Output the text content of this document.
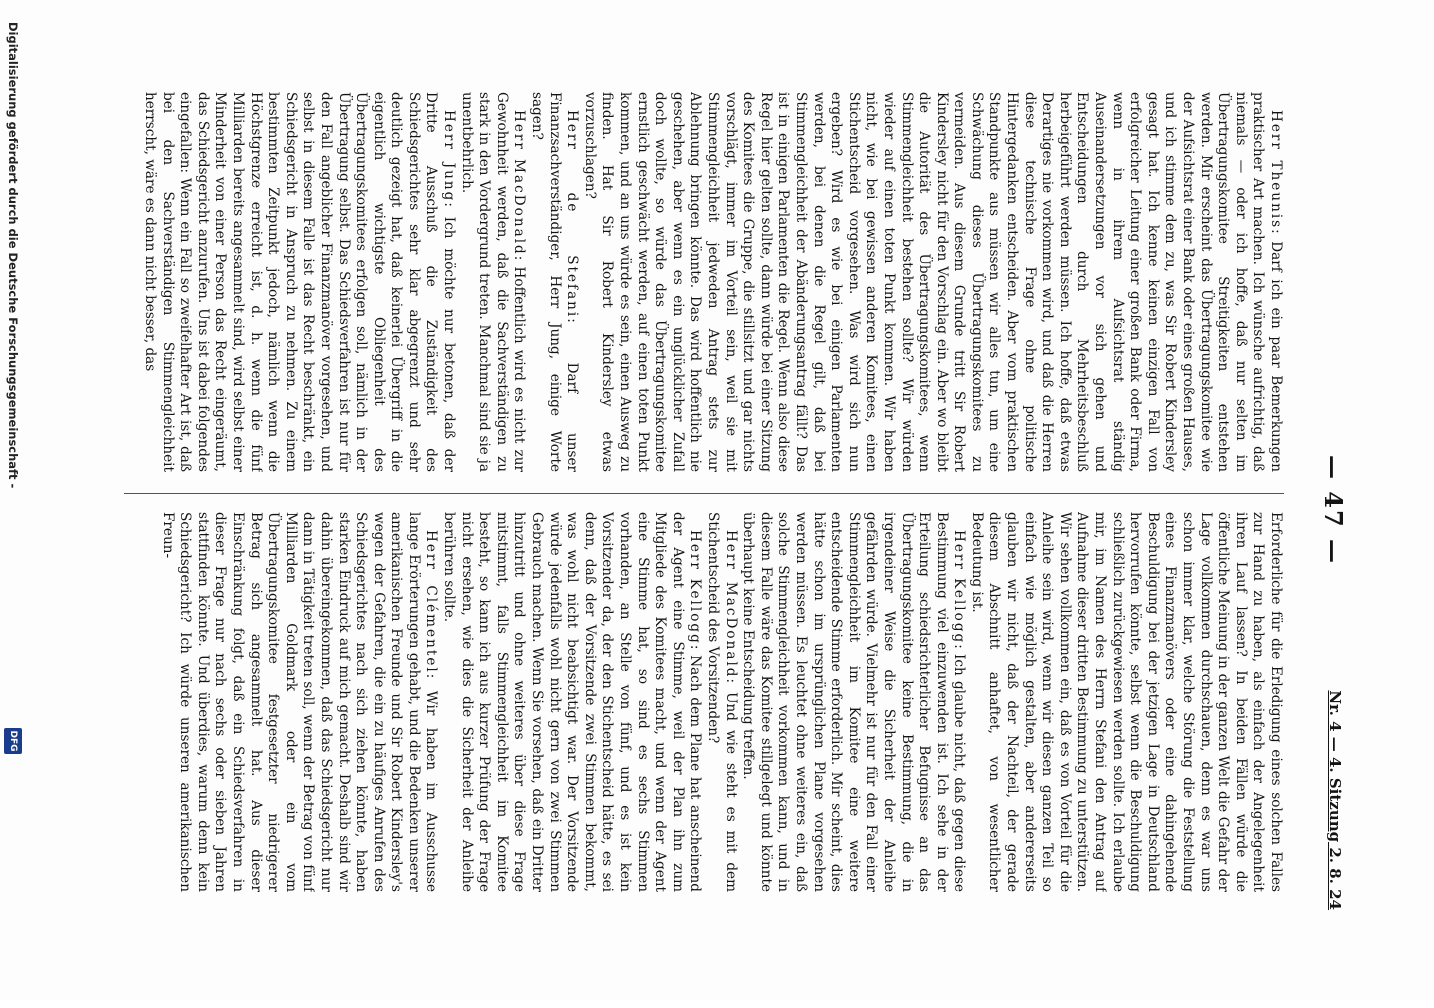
— 47 —
Nr. 4 — 4. Sitzung 2. 8. 24

Herr Theunis: Darf ich ein paar Bemerkungen praktischer Art machen. Ich wünsche aufrichtig, daß niemals — oder ich hoffe, daß nur selten im Übertragungskomitee Streitigkeiten entstehen werden. Mir erscheint das Übertragungskomitee wie der Aufsichtsrat einer Bank oder eines großen Hauses, und ich stimme dem zu, was Sir Robert Kindersley gesagt hat. Ich kenne keinen einzigen Fall von erfolgreicher Leitung einer großen Bank oder Firma, wenn in ihrem Aufsichtsrat ständig Auseinandersetzungen vor sich gehen und Entscheidungen durch Mehrheitsbeschluß herbeigeführt werden müssen. Ich hoffe, daß etwas Derartiges nie vorkommen wird, und daß die Herren diese technische Frage ohne politische Hintergedanken entscheiden. Aber vom praktischen Standpunkte aus müssen wir alles tun, um eine Schwächung dieses Übertragungskomitees zu vermeiden. Aus diesem Grunde tritt Sir Robert Kindersley nicht für den Vorschlag ein. Aber wo bleibt die Autorität des Übertragungskomitees, wenn Stimmengleichheit bestehen sollte? Wir würden wieder auf einen toten Punkt kommen. Wir haben nicht, wie bei gewissen anderen Komitees, einen Stichentscheid vorgesehen. Was wird sich nun ergeben? Wird es wie bei einigen Parlamenten werden, bei denen die Regel gilt, daß bei Stimmengleichheit der Abänderungsantrag fällt? Das ist in einigen Parlamenten die Regel. Wenn also diese Regel hier gelten sollte, dann würde bei einer Sitzung des Komitees die Gruppe, die stillsitzt und gar nichts vorschlägt, immer im Vorteil sein, weil sie mit Stimmengleichheit jedweden Antrag stets zur Ablehnung bringen könnte. Das wird hoffentlich nie geschehen, aber wenn es ein unglücklicher Zufall doch wollte, so würde das Übertragungskomitee ernstlich geschwächt werden, auf einen toten Punkt kommen, und an uns würde es sein, einen Ausweg zu finden. Hat Sir Robert Kindersley etwas vorzuschlagen?

Herr de Stefani: Darf unser Finanzsachverständiger, Herr Jung, einige Worte sagen?

Herr MacDonald: Hoffentlich wird es nicht zur Gewohnheit werden, daß die Sachverständigen zu stark in den Vordergrund treten. Manchmal sind sie ja unentbehrlich.

Herr Jung: Ich möchte nur betonen, daß der Dritte Ausschuß die Zuständigkeit des Schiedsgerichtes sehr klar abgegrenzt und sehr deutlich gezeigt hat, daß keinerlei Übergriff in die eigentlich wichtigste Obliegenheit des Übertragungskomitees erfolgen soll, nämlich in der Übertragung selbst. Das Schiedsverfahren ist nur für den Fall angeblicher Finanzmanöver vorgesehen, und selbst in diesem Falle ist das Recht beschränkt, ein Schiedsgericht in Anspruch zu nehmen. Zu einem bestimmten Zeitpunkt jedoch, nämlich wenn die Höchstgrenze erreicht ist, d. h. wenn die fünf Milliarden bereits angesammelt sind, wird selbst einer Minderheit von einer Person das Recht eingeräumt, das Schiedsgericht anzurufen. Uns ist dabei folgendes eingefallen: Wenn ein Fall so zweifelhafter Art ist, daß bei den Sachverständigen Stimmengleichheit herrscht, wäre es dann nicht besser, das

Erforderliche für die Erledigung eines solchen Falles zur Hand zu haben, als einfach der Angelegenheit ihren Lauf lassen? In beiden Fällen würde die öffentliche Meinung in der ganzen Welt die Gefahr der Lage vollkommen durchschauen, denn es war uns schon immer klar, welche Störung die Feststellung eines Finanzmanövers oder eine dahingehende Beschuldigung bei der jetzigen Lage in Deutschland hervorrufen könnte, selbst wenn die Beschuldigung schließlich zurückgewiesen werden sollte. Ich erlaube mir, im Namen des Herrn Stefani den Antrag auf Aufnahme dieser dritten Bestimmung zu unterstützen. Wir sehen vollkommen ein, daß es von Vorteil für die Anleihe sein wird, wenn wir diesen ganzen Teil so einfach wie möglich gestalten, aber andererseits glauben wir nicht, daß der Nachteil, der gerade diesem Abschnitt anhaftet, von wesentlicher Bedeutung ist.

Herr Kellogg: Ich glaube nicht, daß gegen diese Bestimmung viel einzuwenden ist. Ich sehe in der Erteilung schiedsrichterlicher Befugnisse an das Übertragungskomitee keine Bestimmung, die in irgendeiner Weise die Sicherheit der Anleihe gefährden würde. Vielmehr ist nur für den Fall einer Stimmengleichheit im Komitee eine weitere entscheidende Stimme erforderlich. Mir scheint, dies hätte schon im ursprünglichen Plane vorgesehen werden müssen. Es leuchtet ohne weiteres ein, daß solche Stimmengleichheit vorkommen kann, und in diesem Falle wäre das Komitee stillgelegt und könnte überhaupt keine Entscheidung treffen.

Herr MacDonald: Und wie steht es mit dem Stichentscheid des Vorsitzenden?

Herr Kellogg: Nach dem Plane hat anscheinend der Agent eine Stimme, weil der Plan ihn zum Mitgliede des Komitees macht, und wenn der Agent eine Stimme hat, so sind es sechs Stimmen vorhanden, an Stelle von fünf, und es ist kein Vorsitzender da, der den Stichentscheid hätte, es sei denn, daß der Vorsitzende zwei Stimmen bekommt, was wohl nicht beabsichtigt war. Der Vorsitzende würde jedenfalls wohl nicht gern von zwei Stimmen Gebrauch machen. Wenn Sie vorsehen, daß ein Dritter hinzutritt und ohne weiteres über diese Frage mitstimmt, falls Stimmengleichheit im Komitee besteht, so kann ich aus kurzer Prüfung der Frage nicht ersehen, wie dies die Sicherheit der Anleihe berühren sollte.

Herr Clémentel: Wir haben im Ausschusse lange Erörterungen gehabt, und die Bedenken unserer amerikanischen Freunde und Sir Robert Kindersley's wegen der Gefahren, die ein zu häufiges Anrufen des Schiedsgerichtes nach sich ziehen könnte, haben starken Eindruck auf mich gemacht. Deshalb sind wir dahin übereingekommen, daß das Schiedsgericht nur dann in Tätigkeit treten soll, wenn der Betrag von fünf Milliarden Goldmark oder ein vom Übertragungskomitee festgesetzter niedrigerer Betrag sich angesammelt hat. Aus dieser Einschränkung folgt, daß ein Schiedsverfahren in dieser Frage nur nach sechs oder sieben Jahren stattfinden könnte. Und überdies, warum denn kein Schiedsgericht? Ich würde unseren amerikanischen Freun-

Digitalisierung gefördert durch die Deutsche Forschungsgemeinschaft -
DFG
